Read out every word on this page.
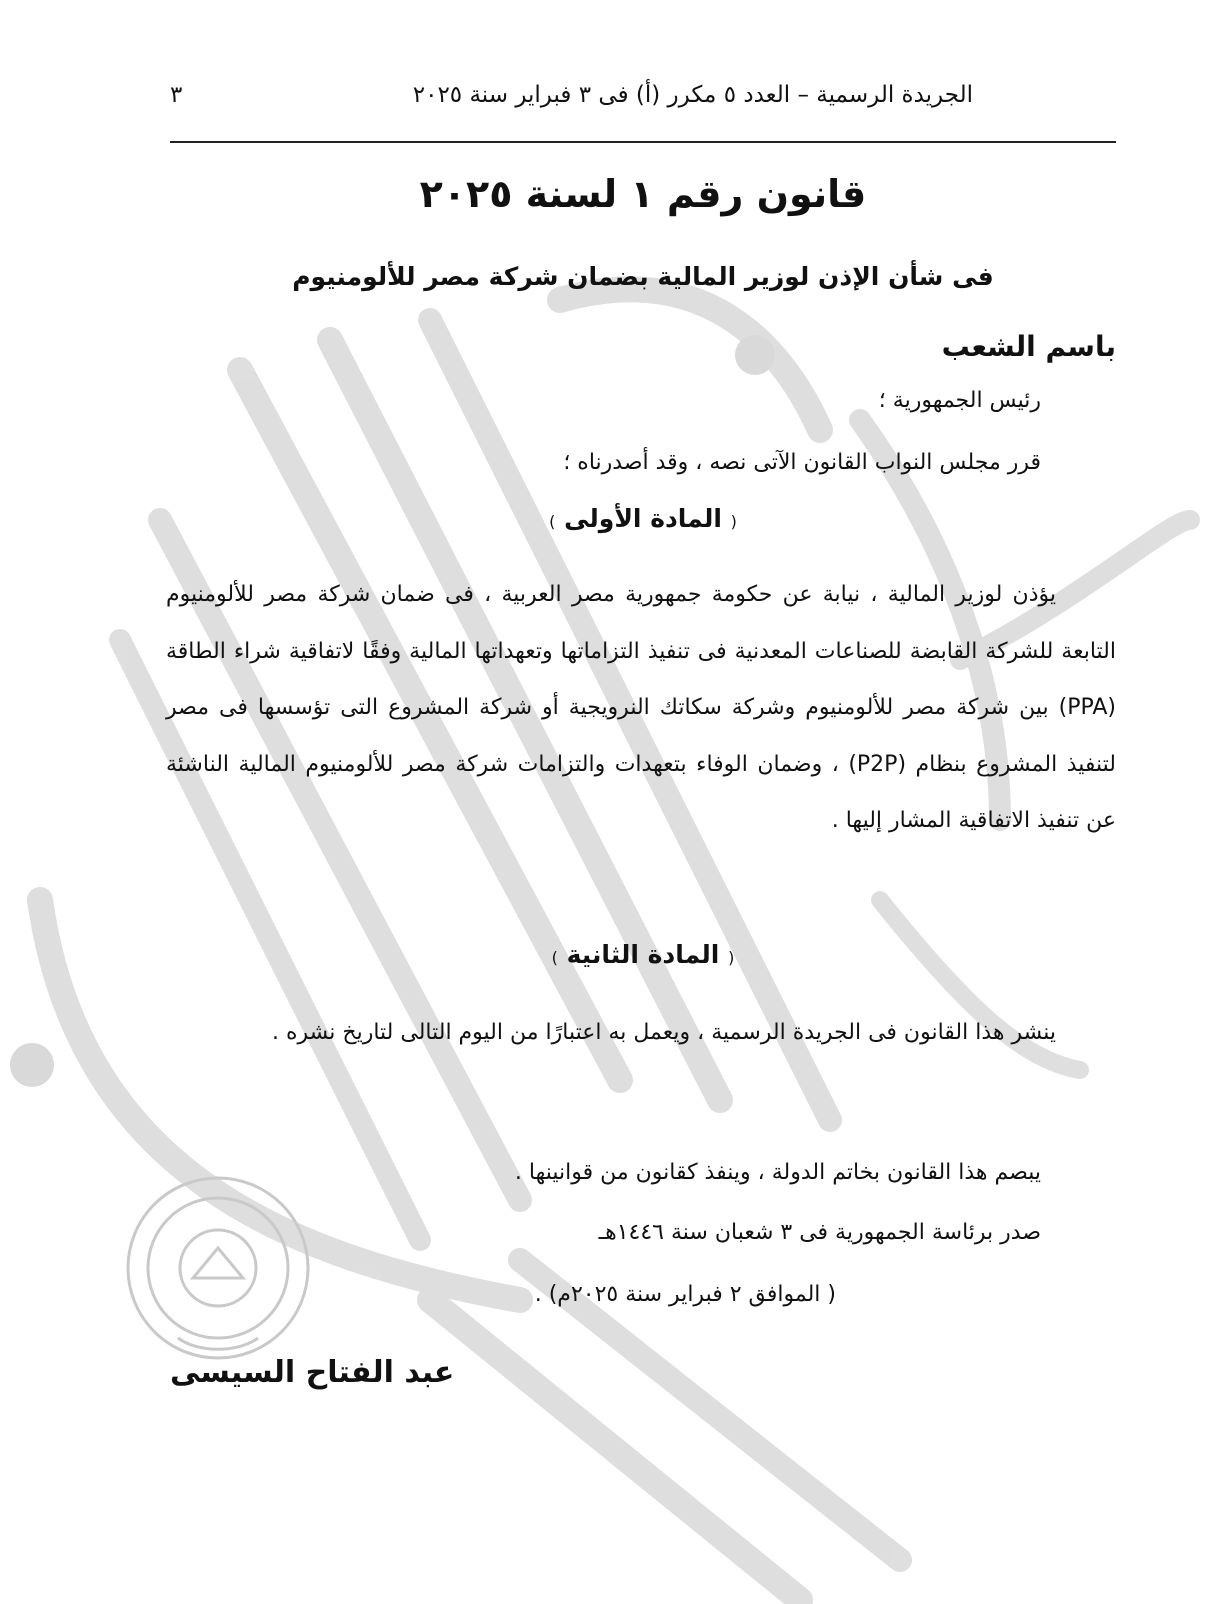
الجريدة الرسمية – العدد ٥ مكرر (أ) فى ٣ فبراير سنة ٢٠٢٥
٣
قانون رقم ١ لسنة ٢٠٢٥
فى شأن الإذن لوزير المالية بضمان شركة مصر للألومنيوم
باسم الشعب
رئيس الجمهورية ؛
قرر مجلس النواب القانون الآتى نصه ، وقد أصدرناه ؛
( المادة الأولى )
يؤذن لوزير المالية ، نيابة عن حكومة جمهورية مصر العربية ، فى ضمان شركة مصر للألومنيوم التابعة للشركة القابضة للصناعات المعدنية فى تنفيذ التزاماتها وتعهداتها المالية وفقًا لاتفاقية شراء الطاقة (PPA) بين شركة مصر للألومنيوم وشركة سكاتك النرويجية أو شركة المشروع التى تؤسسها فى مصر لتنفيذ المشروع بنظام (P2P) ، وضمان الوفاء بتعهدات والتزامات شركة مصر للألومنيوم المالية الناشئة عن تنفيذ الاتفاقية المشار إليها .
( المادة الثانية )
ينشر هذا القانون فى الجريدة الرسمية ، ويعمل به اعتبارًا من اليوم التالى لتاريخ نشره .
يبصم هذا القانون بخاتم الدولة ، وينفذ كقانون من قوانينها .
صدر برئاسة الجمهورية فى ٣ شعبان سنة ١٤٤٦هـ
( الموافق ٢ فبراير سنة ٢٠٢٥م) .
عبد الفتاح السيسى
